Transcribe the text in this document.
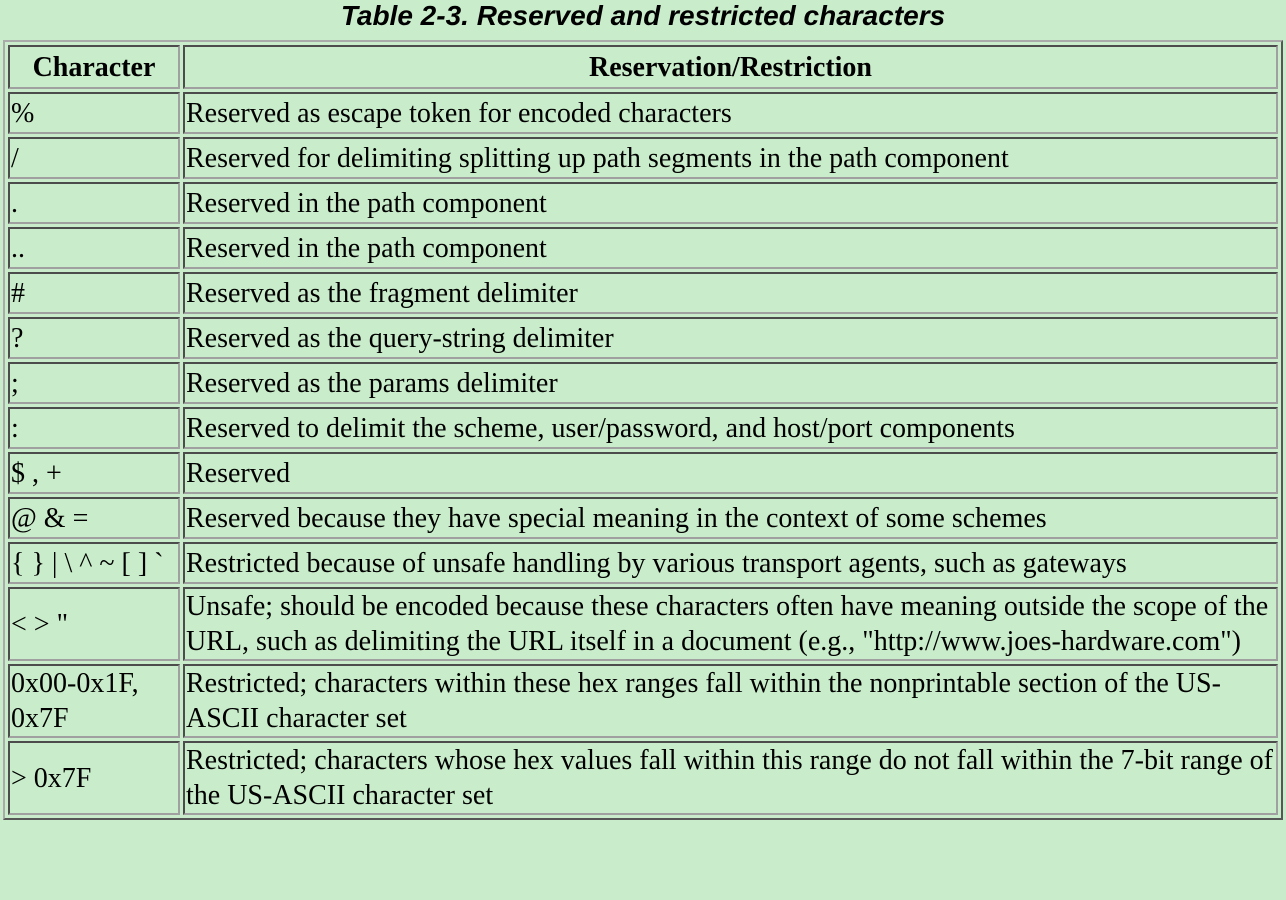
Table 2-3. Reserved and restricted characters
Character	Reservation/Restriction
%	Reserved as escape token for encoded characters
/	Reserved for delimiting splitting up path segments in the path component
.	Reserved in the path component
..	Reserved in the path component
#	Reserved as the fragment delimiter
?	Reserved as the query-string delimiter
;	Reserved as the params delimiter
:	Reserved to delimit the scheme, user/password, and host/port components
$ , +	Reserved
@ & =	Reserved because they have special meaning in the context of some schemes
{ } | \ ^ ~ [ ] `	Restricted because of unsafe handling by various transport agents, such as gateways
< > "	Unsafe; should be encoded because these characters often have meaning outside the scope of the URL, such as delimiting the URL itself in a document (e.g., "http://www.joes-hardware.com")
0x00-0x1F, 0x7F	Restricted; characters within these hex ranges fall within the nonprintable section of the US-ASCII character set
> 0x7F	Restricted; characters whose hex values fall within this range do not fall within the 7-bit range of the US-ASCII character set
